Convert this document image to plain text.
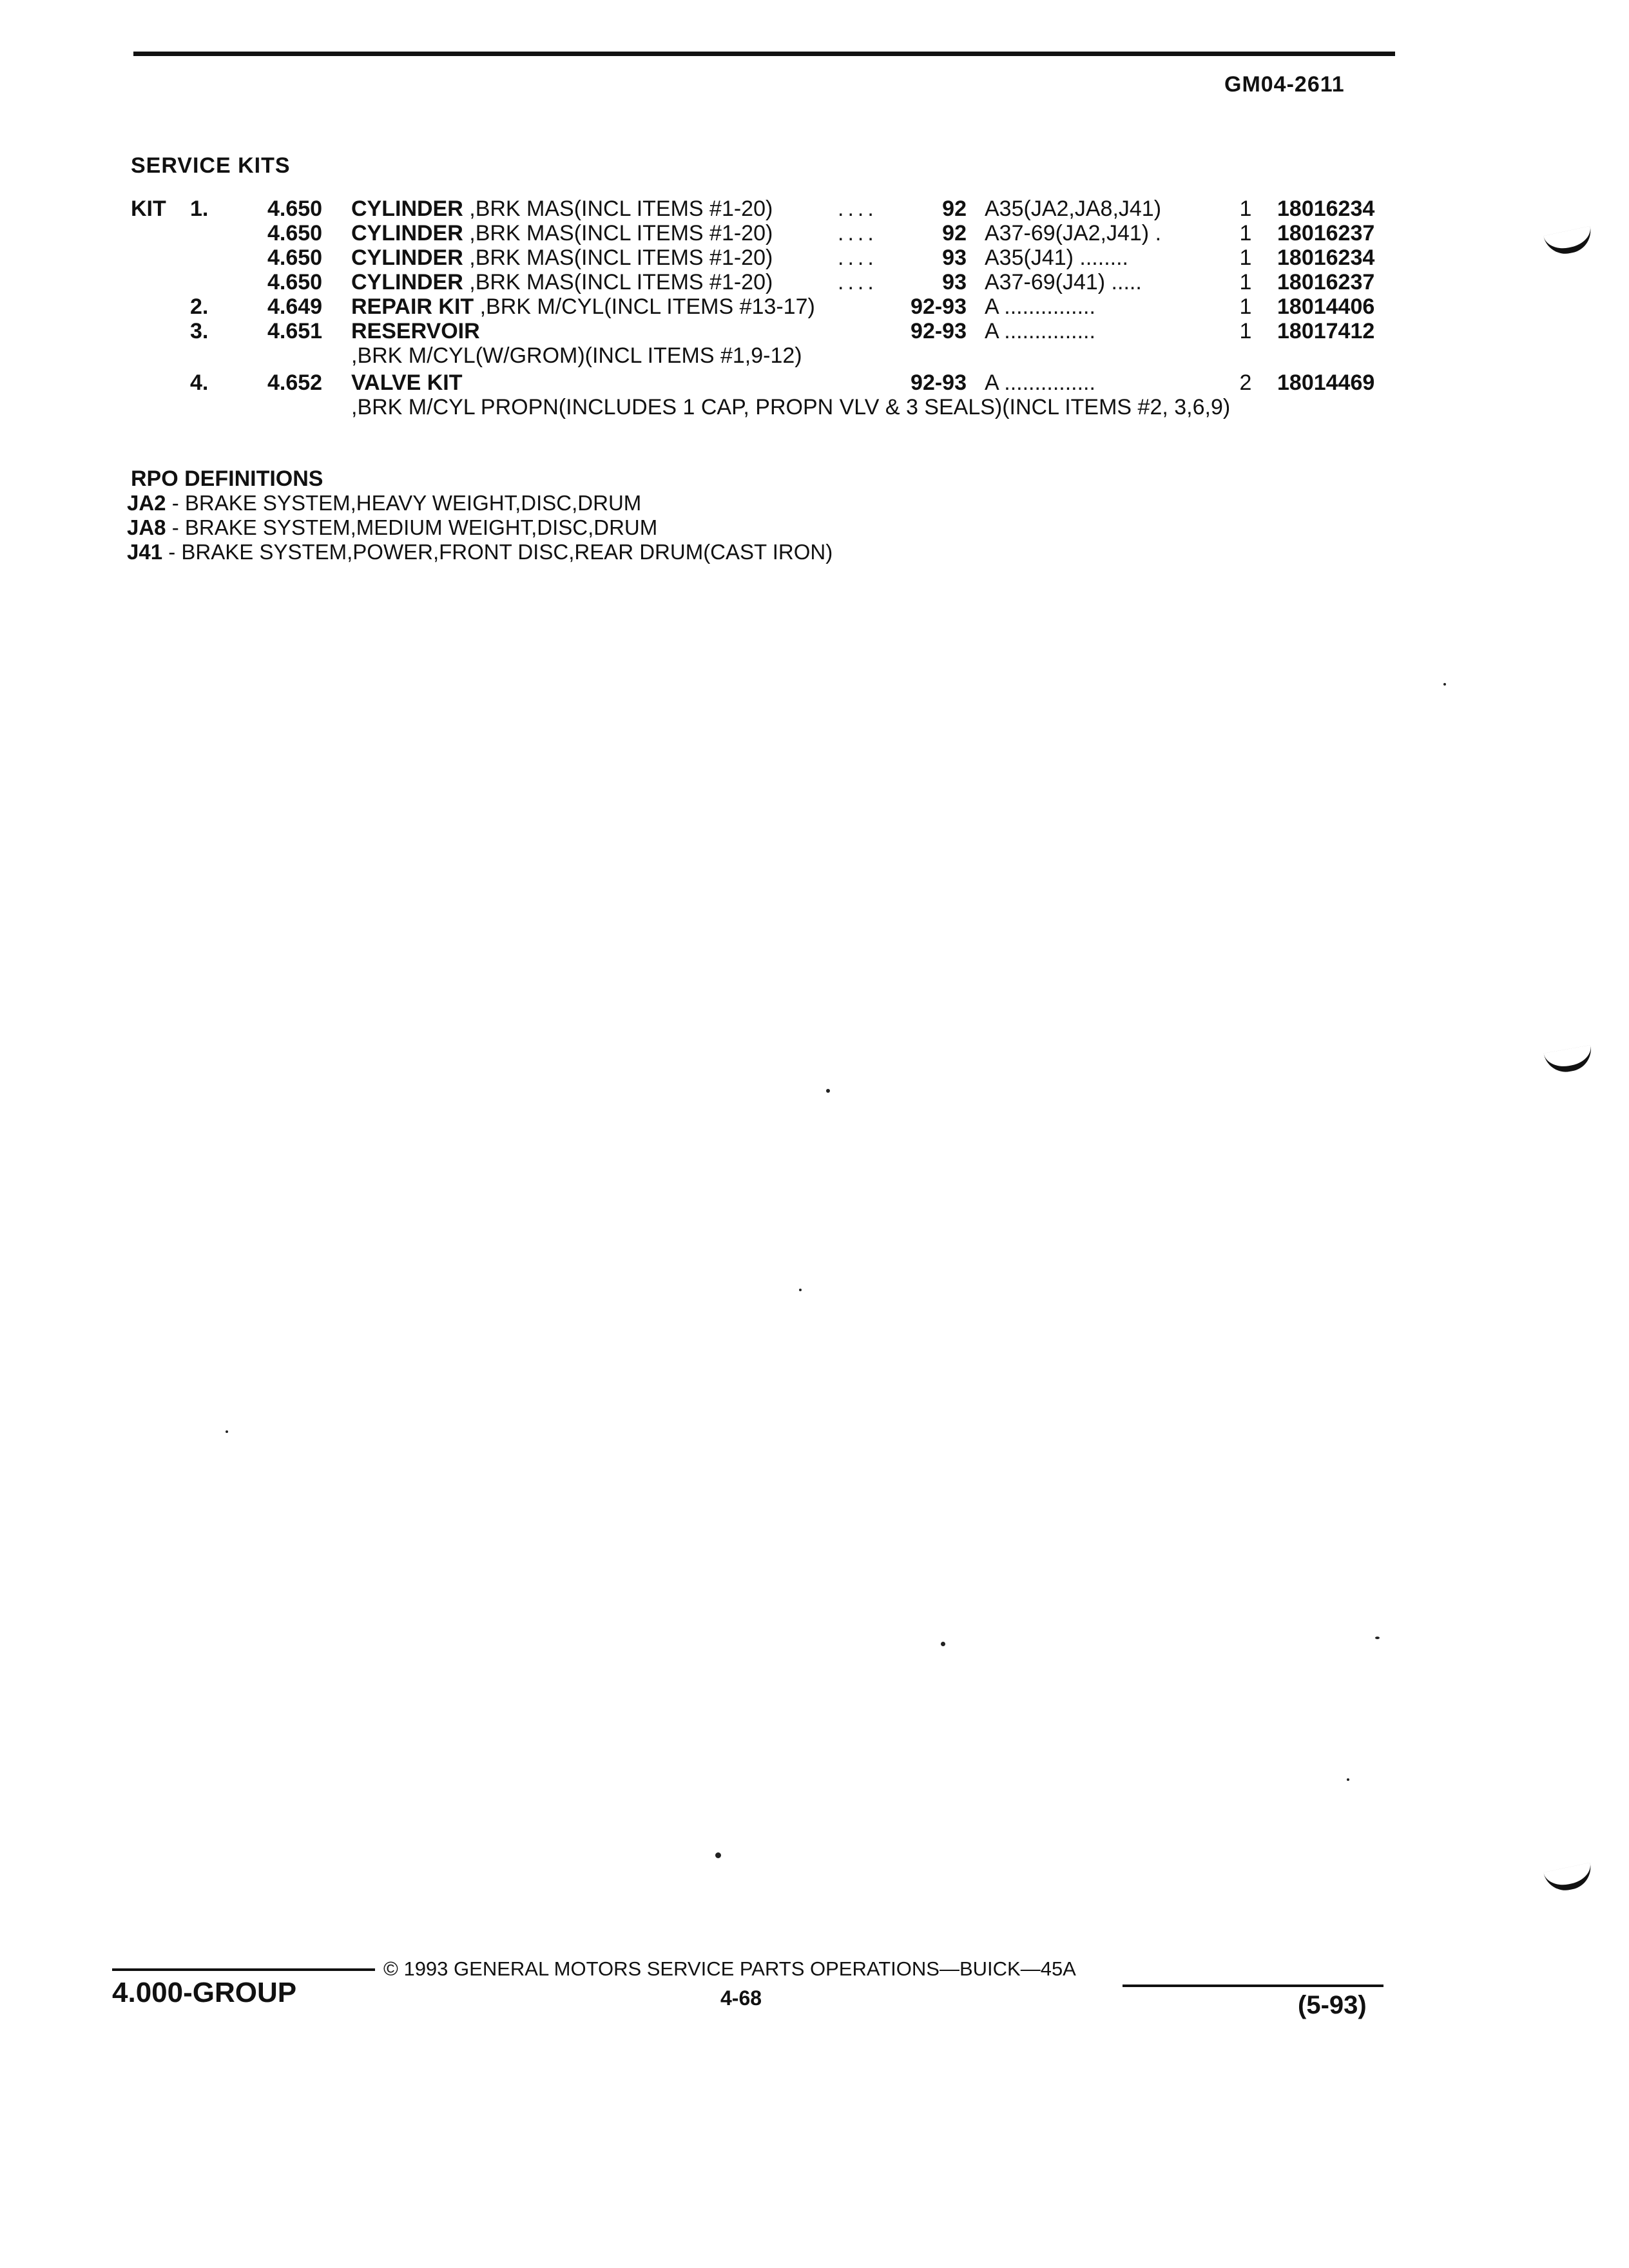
GM04-2611
SERVICE KITS
KIT 1.	4.650 CYLINDER ,BRK MAS(INCL ITEMS #1-20)	....	92 A35(JA2,JA8,J41)	1 18016234
4.650 CYLINDER ,BRK MAS(INCL ITEMS #1-20)	....	92 A37-69(JA2,J41) .	1 18016237
4.650 CYLINDER ,BRK MAS(INCL ITEMS #1-20)	....	93 A35(J41) ........	1 18016234
4.650 CYLINDER ,BRK MAS(INCL ITEMS #1-20)	....	93 A37-69(J41) .....	1 18016237
2.	4.649 REPAIR KIT ,BRK M/CYL(INCL ITEMS #13-17)	92-93 A ...............	1 18014406
3.	4.651 RESERVOIR ,BRK M/CYL(W/GROM)(INCL ITEMS #1,9-12)
92-93 A ...............	1 18017412
4.	4.652 VALVE KIT ,BRK M/CYL PROPN(INCLUDES 1 CAP, PROPN VLV & 3 SEALS)(INCL ITEMS #2, 3,6,9)
92-93 A ...............	2 18014469
RPO DEFINITIONS
JA2 - BRAKE SYSTEM,HEAVY WEIGHT,DISC,DRUM
JA8 - BRAKE SYSTEM,MEDIUM WEIGHT,DISC,DRUM
J41 - BRAKE SYSTEM,POWER,FRONT DISC,REAR DRUM(CAST IRON)
© 1993 GENERAL MOTORS SERVICE PARTS OPERATIONS—BUICK—45A
4.000-GROUP	4-68	(5-93)
